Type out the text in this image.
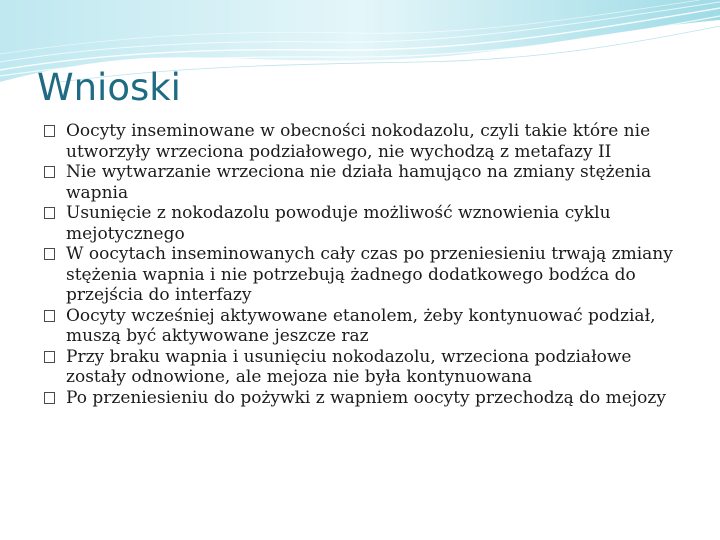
Wnioski
Oocyty inseminowane w obecności nokodazolu, czyli takie które nie utworzyły wrzeciona podziałowego, nie wychodzą z metafazy II
Nie wytwarzanie wrzeciona nie działa hamująco na zmiany stężenia wapnia
Usunięcie z nokodazolu powoduje możliwość wznowienia cyklu mejotycznego
W oocytach inseminowanych cały czas po przeniesieniu trwają zmiany stężenia wapnia i nie potrzebują żadnego dodatkowego bodźca do przejścia do interfazy
Oocyty wcześniej aktywowane etanolem, żeby kontynuować podział, muszą być aktywowane jeszcze raz
Przy braku wapnia i usunięciu nokodazolu, wrzeciona podziałowe zostały odnowione, ale mejoza nie była kontynuowana
Po przeniesieniu do pożywki z wapniem oocyty przechodzą do mejozy
